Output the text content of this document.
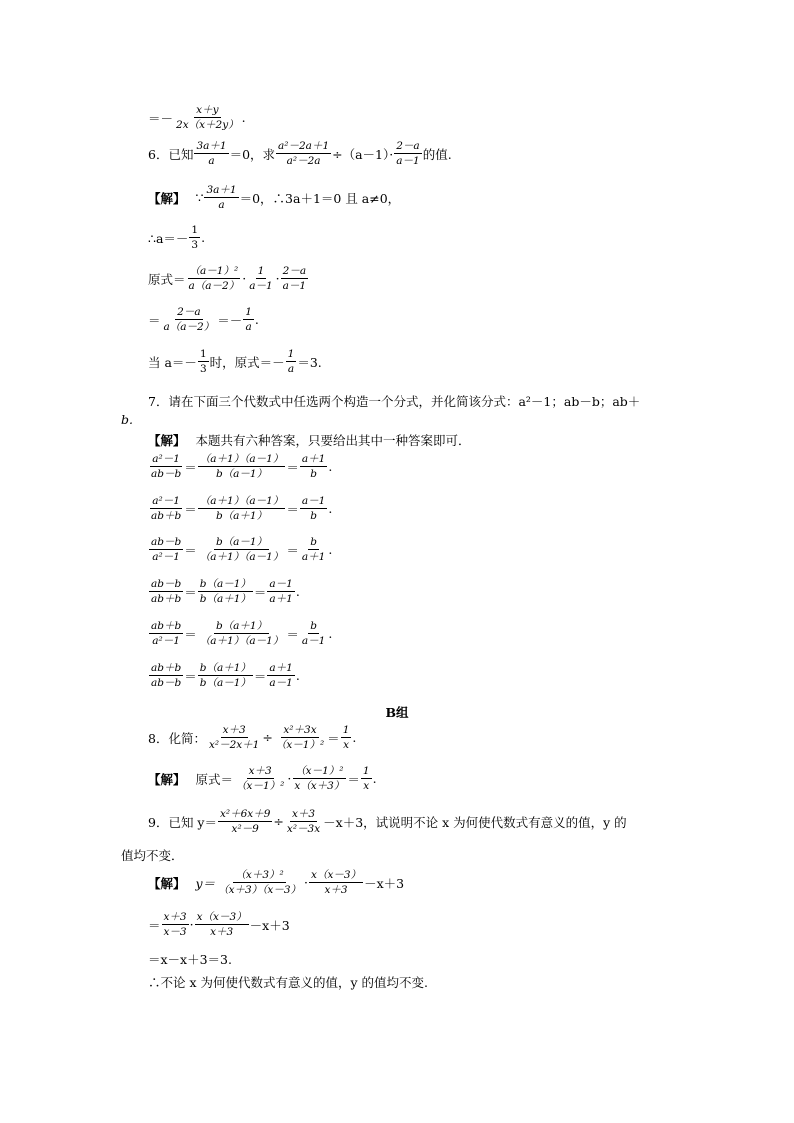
＝－ $\frac{x+y}{2x(x+2y)}$ .
6．已知 $\frac{3a+1}{a} =0$，求 $\frac{\text{a²－2a＋1}}{\text{a²－2a}} \div(a-1)\cdot \frac{2-a}{a-1}$ 的值.
【解】 ∵ $\frac{3a+1}{a} =0$，∴3a＋1＝0 且 a≠0，
∴a＝－ $\frac{1}{3}$ .
原式＝ $\frac{\text{（a－1）²}}{a(a-2)} \cdot \frac{1}{a-1} \cdot \frac{2-a}{a-1}$
＝ $\frac{2-a}{a(a-2)} =- \frac{1}{a}$ .
当 $a=- \frac{1}{3}$ 时，原式＝－ $\frac{1}{a} =3$.
7．请在下面三个代数式中任选两个构造一个分式，并化简该分式：a²－1；ab－b；ab＋
b.
【解】 本题共有六种答案，只要给出其中一种答案即可．
$\frac{\text{a²－1}}{ab-b} = \frac{(a+1)(a-1)}{b(a-1)} = \frac{a+1}{b}$ .
$\frac{\text{a²－1}}{ab+b} = \frac{(a+1)(a-1)}{b(a+1)} = \frac{a-1}{b}$ .
$\frac{ab-b}{\text{a²－1}} = \frac{b(a-1)}{(a+1)(a-1)} = \frac{b}{a+1}$ .
$\frac{ab-b}{ab+b} = \frac{b(a-1)}{b(a+1)} = \frac{a-1}{a+1}$ .
$\frac{ab+b}{\text{a²－1}} = \frac{b(a+1)}{(a+1)(a-1)} = \frac{b}{a-1}$ .
$\frac{ab+b}{ab-b} = \frac{b(a+1)}{b(a-1)} = \frac{a+1}{a-1}$ .
B组
8．化简： $\frac{x+3}{\text{x²－2x＋1}} \div \frac{\text{x²＋3x}}{\text{（x－1）²}} = \frac{1}{x}$ .
【解】 原式＝ $\frac{x+3}{\text{（x－1）²}} \cdot \frac{\text{（x－1）²}}{x(x+3)} = \frac{1}{x}$ .
9．已知 $y= \frac{\text{x²＋6x＋9}}{\text{x²－9}} \div \frac{x+3}{\text{x²－3x}} -x+3$，试说明不论 x 为何使代数式有意义的值，y 的
值均不变．
【解】 $y= \frac{\text{（x＋3）²}}{(x+3)(x-3)} \cdot \frac{x(x-3)}{x+3} -x+3$
＝ $\frac{x+3}{x-3} \cdot \frac{x(x-3)}{x+3} -x+3$
＝x－x＋3＝3.
∴不论 x 为何使代数式有意义的值，y 的值均不变.
